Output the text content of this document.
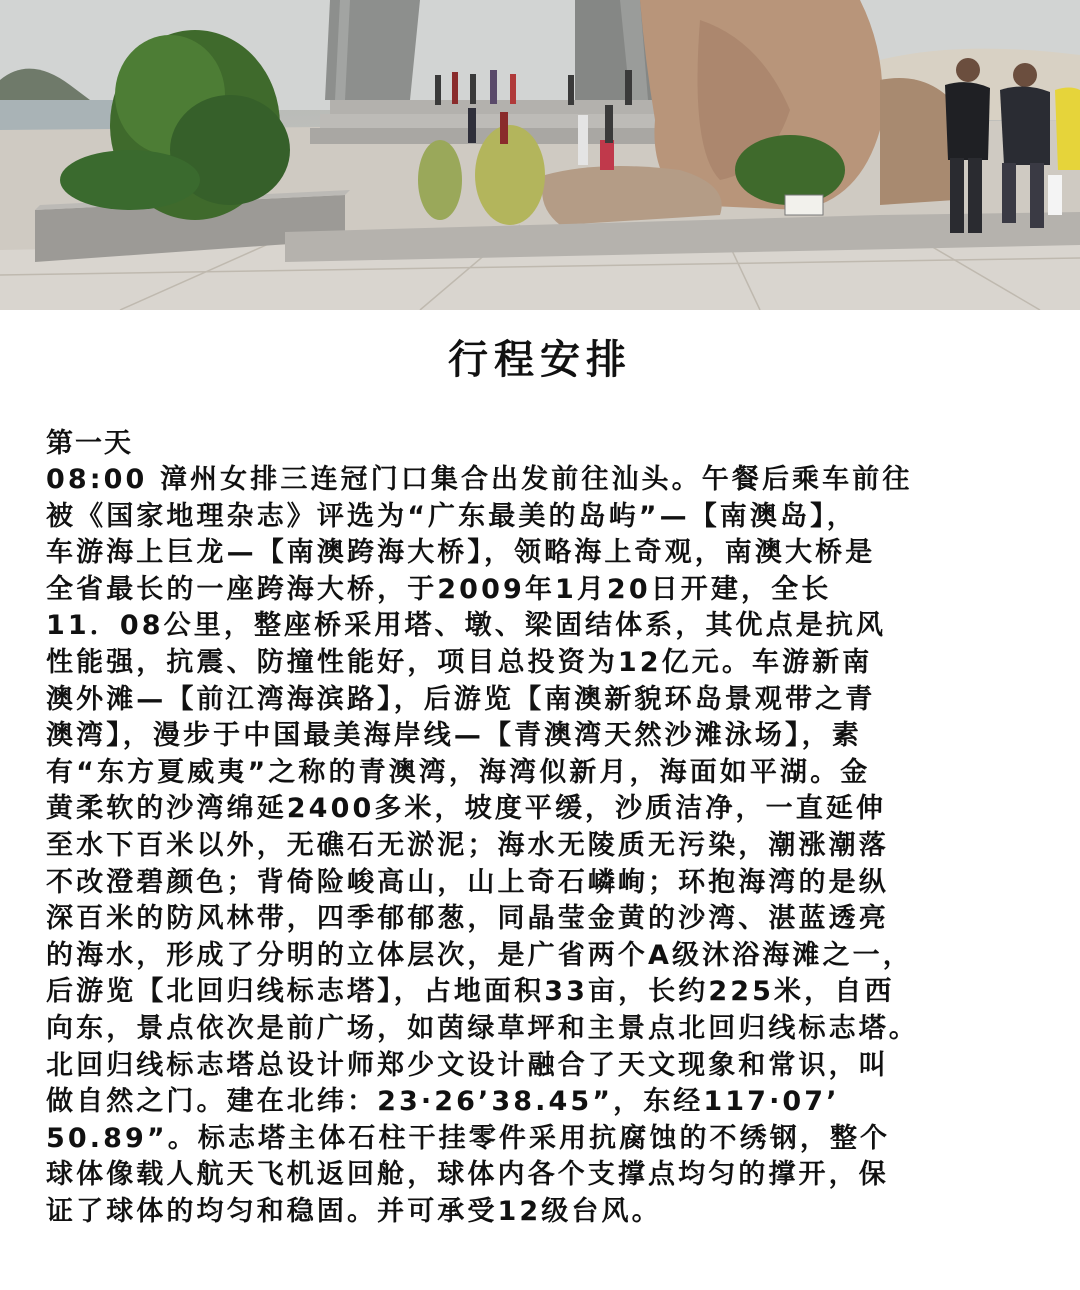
行程安排
第一天
08:00 漳州女排三连冠门口集合出发前往汕头。午餐后乘车前往
被《国家地理杂志》评选为“广东最美的岛屿”—【南澳岛】，
车游海上巨龙—【南澳跨海大桥】，领略海上奇观，南澳大桥是
全省最长的一座跨海大桥，于2009年1月20日开建，全长
11．08公里，整座桥采用塔、墩、梁固结体系，其优点是抗风
性能强，抗震、防撞性能好，项目总投资为12亿元。车游新南
澳外滩—【前江湾海滨路】，后游览【南澳新貌环岛景观带之青
澳湾】，漫步于中国最美海岸线—【青澳湾天然沙滩泳场】，素
有“东方夏威夷”之称的青澳湾，海湾似新月，海面如平湖。金
黄柔软的沙湾绵延2400多米，坡度平缓，沙质洁净，一直延伸
至水下百米以外，无礁石无淤泥；海水无陵质无污染，潮涨潮落
不改澄碧颜色；背倚险峻高山，山上奇石嶙峋；环抱海湾的是纵
深百米的防风林带，四季郁郁葱，同晶莹金黄的沙湾、湛蓝透亮
的海水，形成了分明的立体层次，是广省两个A级沐浴海滩之一，
后游览【北回归线标志塔】，占地面积33亩，长约225米，自西
向东，景点依次是前广场，如茵绿草坪和主景点北回归线标志塔。
北回归线标志塔总设计师郑少文设计融合了天文现象和常识，叫
做自然之门。建在北纬：23·26’38.45”，东经117·07’
50.89”。标志塔主体石柱干挂零件采用抗腐蚀的不绣钢，整个
球体像载人航天飞机返回舱，球体内各个支撑点均匀的撑开，保
证了球体的均匀和稳固。并可承受12级台风。
